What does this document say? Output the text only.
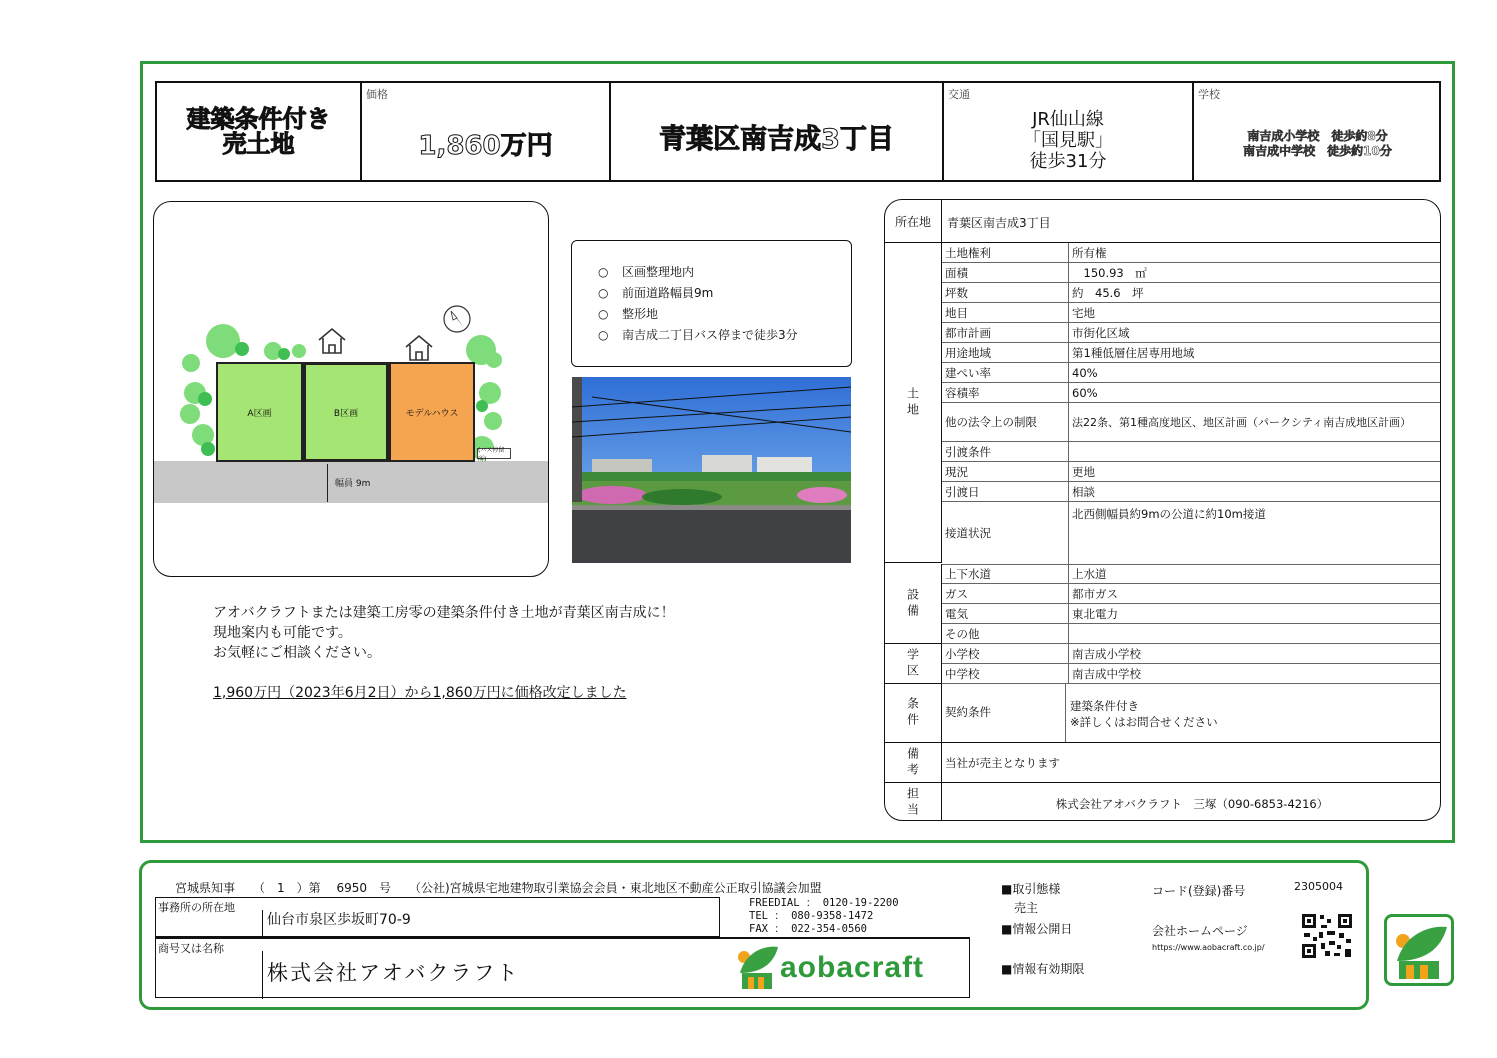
建築条件付き
売土地
価格
1,860万円	青葉区南吉成3丁目
交通
JR仙山線
「国見駅」
徒歩31分
学校
南吉成小学校　徒歩約8分
南吉成中学校　徒歩約10分
A区画	B区画	モデルハウス
(バス停留所)
幅員 9m
○	区画整理地内
○	前面道路幅員9m
○	整形地
○	南吉成二丁目バス停まで徒歩3分
アオバクラフトまたは建築工房零の建築条件付き土地が青葉区南吉成に！
現地案内も可能です。
お気軽にご相談ください。
1,960万円（2023年6月2日）から1,860万円に価格改定しました
所在地	青葉区南吉成3丁目
土地
土地権利	所有権
面積	　150.93　㎡
坪数	約　45.6　坪
地目	宅地
都市計画	市街化区域
用途地域	第1種低層住居専用地域
建ぺい率	40%
容積率	60%
他の法令上の制限	法22条、第1種高度地区、地区計画（パークシティ南吉成地区計画）
引渡条件	
現況	更地
引渡日	相談
接道状況	北西側幅員約9mの公道に約10m接道
設備
上下水道	上水道
ガス	都市ガス
電気	東北電力
その他	
学区	小学校	南吉成小学校
中学校	南吉成中学校
条件	契約条件	建築条件付き
※詳しくはお問合せください
備考	当社が売主となります
担当	株式会社アオバクラフト　三塚（090-6853-4216）
宮城県知事　　（　1　）第　 6950　号　　（公社)宮城県宅地建物取引業協会会員・東北地区不動産公正取引協議会加盟
事務所の所在地
仙台市泉区歩坂町70-9
FREEDIAL ： 0120-19-2200
TEL ： 080-9358-1472
FAX ： 022-354-0560
商号又は名称
株式会社アオバクラフト	aobacraft
■取引態様
売主
■情報公開日
■情報有効期限
コード(登録)番号	2305004
会社ホームページ
https://www.aobacraft.co.jp/
